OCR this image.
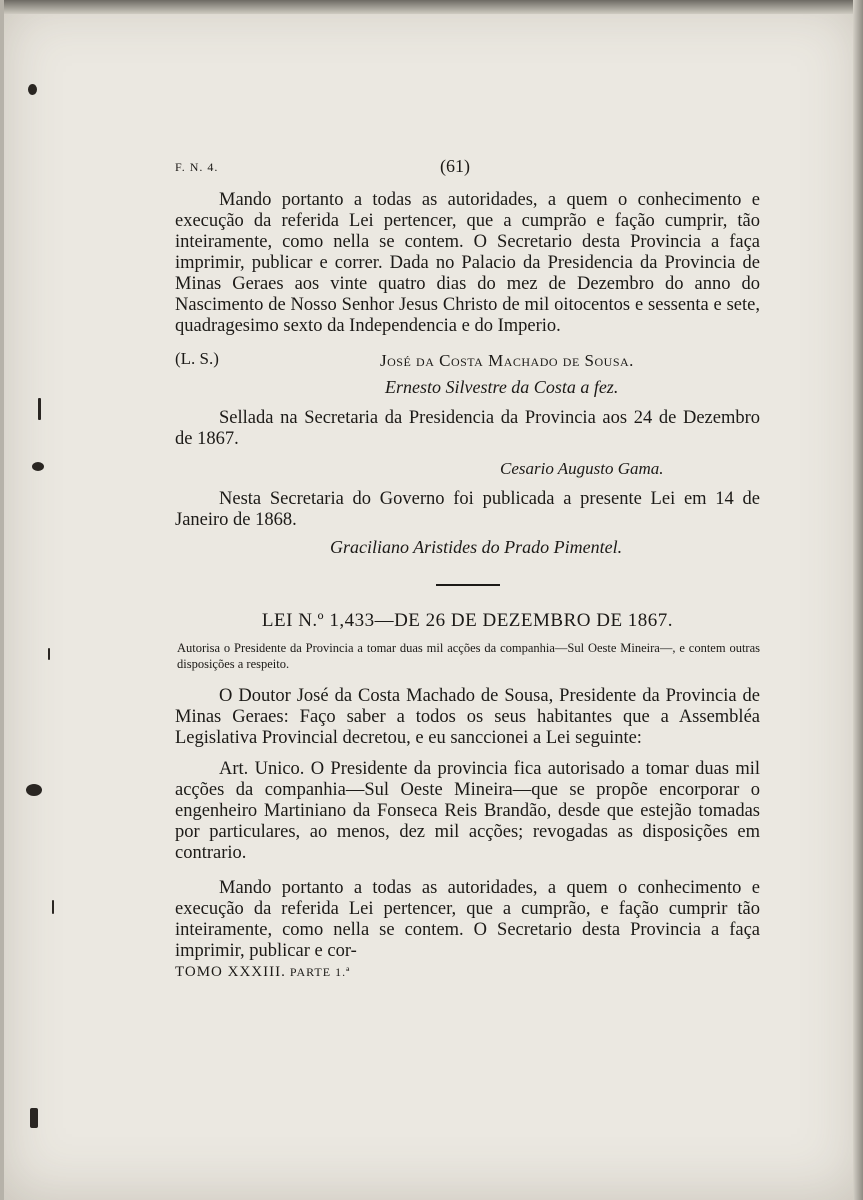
F. N. 4.	(61)

Mando portanto a todas as autoridades, a quem o conhecimento e execução da referida Lei pertencer, que a cumprão e fação cumprir, tão inteiramente, como nella se contem. O Secretario desta Provincia a faça imprimir, publicar e correr. Dada no Palacio da Presidencia da Provincia de Minas Geraes aos vinte quatro dias do mez de Dezembro do anno do Nascimento de Nosso Senhor Jesus Christo de mil oitocentos e sessenta e sete, quadragesimo sexto da Independencia e do Imperio.

(L. S.)	José da Costa Machado de Sousa.

Ernesto Silvestre da Costa a fez.

Sellada na Secretaria da Presidencia da Provincia aos 24 de Dezembro de 1867.

Cesario Augusto Gama.

Nesta Secretaria do Governo foi publicada a presente Lei em 14 de Janeiro de 1868.

Graciliano Aristides do Prado Pimentel.

LEI N.º 1,433—DE 26 DE DEZEMBRO DE 1867.
Autorisa o Presidente da Provincia a tomar duas mil acções da companhia—Sul Oeste Mineira—, e contem outras disposições a respeito.

O Doutor José da Costa Machado de Sousa, Presidente da Provincia de Minas Geraes: Faço saber a todos os seus habitantes que a Assembléa Legislativa Provincial decretou, e eu sanccionei a Lei seguinte:

Art. Unico. O Presidente da provincia fica autorisado a tomar duas mil acções da companhia—Sul Oeste Mineira—que se propõe encorporar o engenheiro Martiniano da Fonseca Reis Brandão, desde que estejão tomadas por particulares, ao menos, dez mil acções; revogadas as disposições em contrario.

Mando portanto a todas as autoridades, a quem o conhecimento e execução da referida Lei pertencer, que a cumprão, e fação cumprir tão inteiramente, como nella se contem. O Secretario desta Provincia a faça imprimir, publicar e cor-

TOMO XXXIII. PARTE 1.ª
